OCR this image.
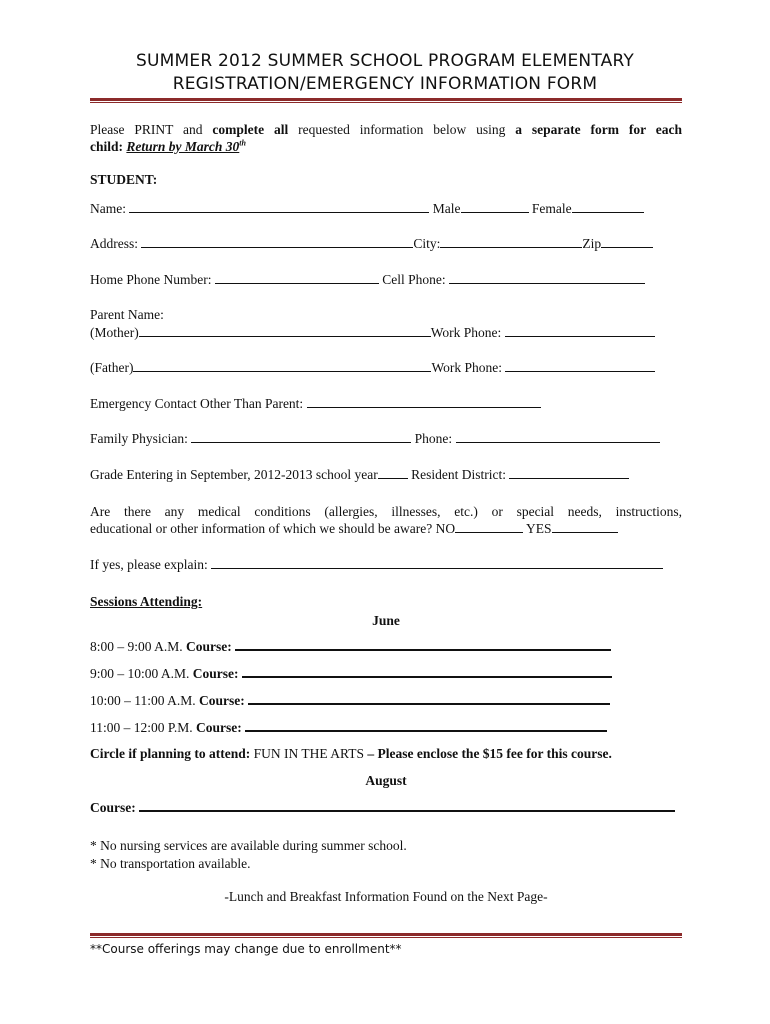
SUMMER 2012 SUMMER SCHOOL PROGRAM ELEMENTARY
REGISTRATION/EMERGENCY INFORMATION FORM
Please PRINT and complete all requested information below using a separate form for each
child: Return by March 30th
STUDENT:
Name:	Male	Female
Address:	City:	Zip
Home Phone Number:	Cell Phone:
Parent Name:
(Mother)	Work Phone:
(Father)	Work Phone:
Emergency Contact Other Than Parent:
Family Physician:	Phone:
Grade Entering in September, 2012-2013 school year Resident District:
Are there any medical conditions (allergies, illnesses, etc.) or special needs, instructions,
educational or other information of which we should be aware? NO	YES
If yes, please explain:
Sessions Attending:
June
8:00 – 9:00 A.M. Course:
9:00 – 10:00 A.M. Course:
10:00 – 11:00 A.M. Course:
11:00 – 12:00 P.M. Course:
Circle if planning to attend: FUN IN THE ARTS – Please enclose the $15 fee for this course.
August
Course:
* No nursing services are available during summer school.
* No transportation available.
-Lunch and Breakfast Information Found on the Next Page-
**Course offerings may change due to enrollment**
